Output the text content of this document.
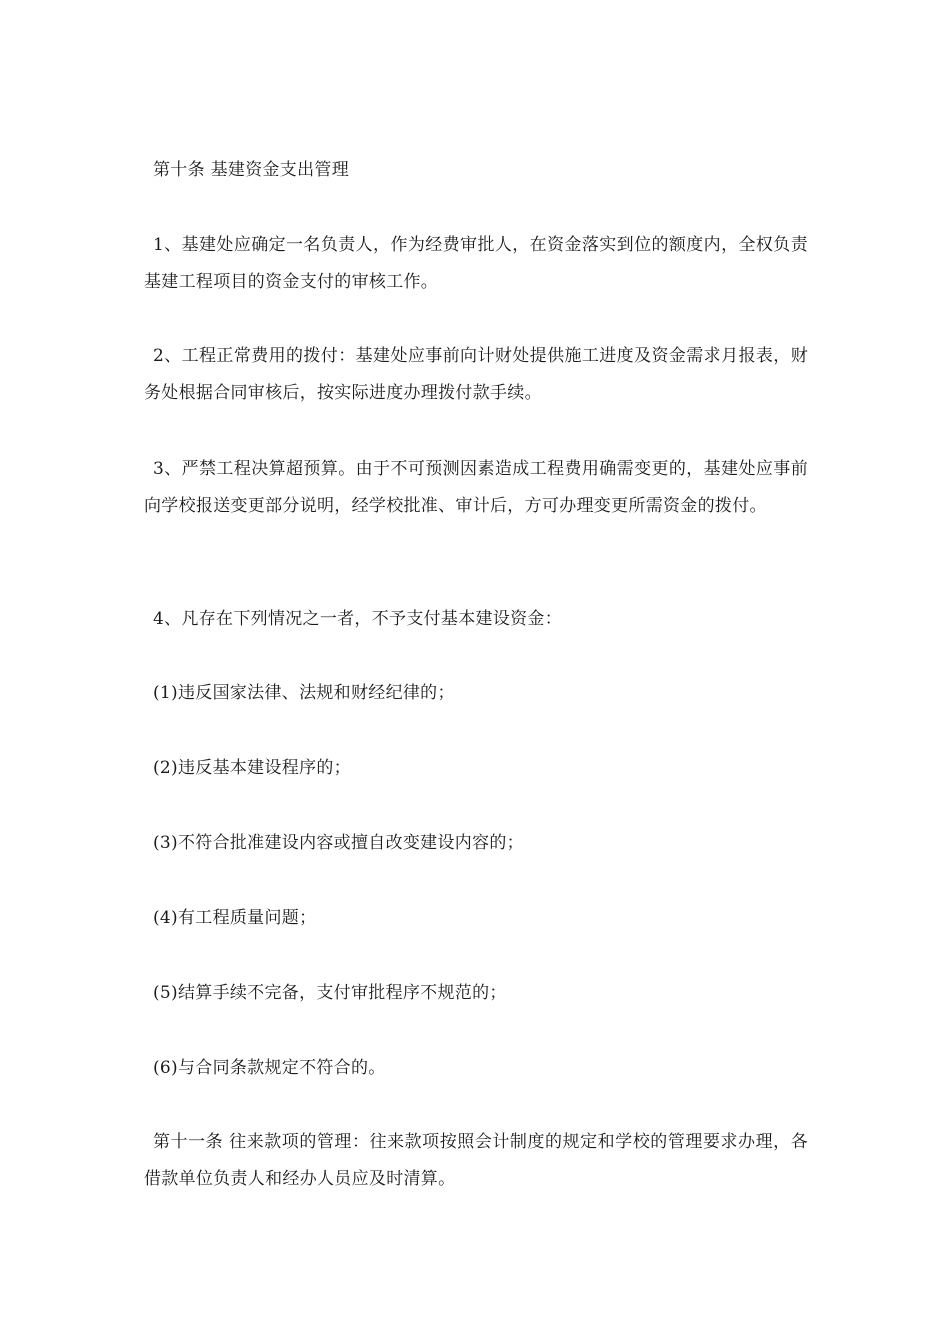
第十条 基建资金支出管理

1、基建处应确定一名负责人，作为经费审批人，在资金落实到位的额度内，全权负责基建工程项目的资金支付的审核工作。

2、工程正常费用的拨付：基建处应事前向计财处提供施工进度及资金需求月报表，财务处根据合同审核后，按实际进度办理拨付款手续。

3、严禁工程决算超预算。由于不可预测因素造成工程费用确需变更的，基建处应事前向学校报送变更部分说明，经学校批准、审计后，方可办理变更所需资金的拨付。

4、凡存在下列情况之一者，不予支付基本建设资金：

(1)违反国家法律、法规和财经纪律的；

(2)违反基本建设程序的；

(3)不符合批准建设内容或擅自改变建设内容的；

(4)有工程质量问题；

(5)结算手续不完备，支付审批程序不规范的；

(6)与合同条款规定不符合的。

第十一条 往来款项的管理：往来款项按照会计制度的规定和学校的管理要求办理，各借款单位负责人和经办人员应及时清算。
